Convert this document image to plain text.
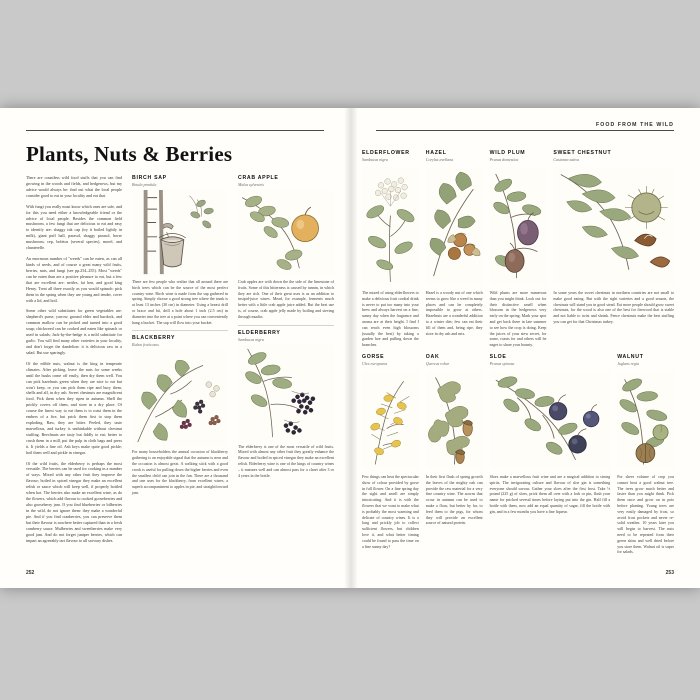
Plants, Nuts & Berries

There are countless wild food stuffs that you can find growing in the woods and fields, and hedgerows, but my advice would always be: find out what the local people consider good to eat in your locality and eat that.

With fungi you really must know which ones are safe, and for this you need either a knowledgeable friend or the advice of local people. Besides the common field mushroom, a few fungi that are delicious to eat and easy to identify are: shaggy ink cap (try it boiled lightly in milk), giant puff ball, parasol, shaggy parasol, horse mushroom, cep, boletus (several species), morel, and chanterelle.

An enormous number of "weeds" can be eaten, as can all kinds of seeds, and of course a great many wild fruits, berries, nuts, and fungi (see pp.254–255). Most "weeds" can be eaten than are a positive pleasure to eat, but a few that are excellent are: nettles, fat hen, and good king Henry. Treat all three exactly as you would spinach: pick them in the spring when they are young and tender, cover with a lid, and boil.

Some other wild substitutes for green vegetables are: shepherd's purse, yarrow, ground elder and burdock, and common mallow can be picked and turned into a good soup; chickweed can be cooked and eaten like spinach or used in salads; Jack-by-the-hedge is a mild substitute for garlic. You will find many other varieties in your locality, and don't forget the dandelion: it is delicious raw in a salad. But use sparingly.

Of the edible nuts, walnut is the king in temperate climates. After picking, leave the nuts for some weeks until the husks come off easily, then dry them well. You can pick hazelnuts green when they are nice to eat but won't keep, or you can pick them ripe and bury them, shells and all, in dry ash. Sweet chestnuts are magnificent food. Pick them when they ripen in autumn. Shell the prickly covers off them, and store in a dry place. Of course the finest way to eat them is to roast them in the embers of a fire, but prick them first to stop them exploding. Raw, they are bitter. Peeled, they taste marvellous, and turkey is unthinkable without chestnut stuffing. Beechnuts are tasty but fiddly to eat; better to crush them in a mill, put the pulp in cloth bags and press it. It yields a fine oil. Ash keys make quite good pickle; boil them well and pickle in vinegar.

Of the wild fruits, the elderberry is perhaps the most versatile. The berries can be used for cooking in a number of ways. Mixed with any other fruit they improve the flavour; boiled in spiced vinegar they make an excellent relish or sauce which will keep well, if properly bottled when hot. The berries also make an excellent wine, as do the flowers, which add flavour to cooked gooseberries and also gooseberry jam. If you find blueberries or bilberries in the wild, do not ignore them: they make a wonderful pie. And if you find cranberries, you can preserve them but their flavour is nowhere better captured than in a fresh cranberry sauce. Mulberries and sweetberries make very good jam. And do not forget juniper berries, which can impart an agreeably tart flavour to all savoury dishes.

BIRCH SAP
Betula pendula
There are few people who realise that all around there are birch trees which can be the source of the most perfect country wine. Birch wine is made from the sap gathered in spring. Simply choose a good strong tree where the trunk is at least 13 inches (30 cm) in diameter. Using a breast drill or brace and bit, drill a hole about 1 inch (2.5 cm) in diameter into the tree at a point where you can conveniently hang a bucket. The sap will flow into your bucket.
BLACKBERRY
Rubus fruticosus
For many householders the annual occasion of blackberry gathering is an enjoyable signal that the autumn is near and the occasion is almost great. A walking stick with a good crook is useful for pulling down the higher berries and even the smallest child can join in the fun. There are a thousand and one uses for the blackberry, from excellent wines, a superb accompaniment to apples in pie, and straightforward jam.
CRAB APPLE
Malus sylvestris
Crab apples are with down the the side of the limestone of fruits. Some of this bitterness is caused by tannin, in which they are rich. One of their great uses is as an addition to insipid-juice wines. Mead, for example, ferments much better with a little crab apple juice added. But the best use is, of course, crab apple jelly made by boiling and sieving through muslin.
ELDERBERRY
Sambucus nigra
The elderberry is one of the most versatile of wild fruits. Mixed with almost any other fruit they greatly enhance the flavour and boiled in spiced vinegar they make an excellent relish. Elderberry wine is one of the kings of country wines – it matures well and can almost pass for a claret after 3 or 4 years in the bottle.
252
FOOD FROM THE WILD
ELDERFLOWER
Sambucus nigra
The mixed of using elderflowers to make a delicious fruit cordial drink is never to put too many into your brew and always harvest on a fine, sunny day when the fragrance and aroma are at their height. I find I can reach even high blossoms (usually the best) by taking a garden hoe and pulling down the branches.
HAZEL
Corylus avellana
Hazel is a woody nut of one which seems to grow like a weed in many places and can be completely impossible to grow at others. Hazelnuts are a wonderful addition to a winter diet; few can eat their fill of them and, being ripe, they store in dry ash and mix.
WILD PLUM
Prunus domestica
Wild plums are more numerous than you might think. Look out for their distinctive smell when blossom in the hedgerows very early on the spring. Mark your spot and get back there in late summer to see how the crop is doing. Keep the juices of your stew secret, for some, roasts for and others will be eager to share your bounty.
SWEET CHESTNUT
Castanea sativa
In some years the sweet chestnuts in northern countries are not small to make good eating. But with the right varieties and a good season, the chestnuts will stand you in good stead. Eat more people should grow sweet chestnuts, for the wood is also one of the best for firewood that is stable and not liable to twist and shrink. Fence chestnuts make the best stuffing you can get for that Christmas turkey.
GORSE
Ulex europaeus
Few things can beat the spectacular show of colour provided by gorse in full flower. On a fine spring day the sight and smell are simply intoxicating. And it is with the flowers that we want to make what is probably the most warming and delicate of country wines. It is a long and prickly job to collect sufficient flowers, but children love it, and what better timing could be found to pass the time on a fine sunny day?
OAK
Quercus robur
In their first flush of spring growth the leaves of the mighty oak can provide the raw material for a very fine country wine. The acorns that occur in autumn can be used to make a flour, but better by far, to feed them to the pigs, for whom they will provide an excellent source of natural protein.
SLOE
Prunus spinosa
Sloes make a marvellous fruit wine and are a magical addition to strong spirits. The invigorating culture and flavour of sloe gin is something everyone should savour. Gather your sloes after the first frost. Take ½ pound (225 g) of sloes, prick them all over with a fork or pin, flash your name for pricked several times before laying put into the gin. Half fill a bottle with them, now add an equal quantity of sugar, fill the bottle with gin, and in a few months you have a fine liqueur.
WALNUT
Juglans regia
For sheer volume of crop you cannot beat a good walnut tree. The trees grow much better and faster than you might think. Pick them once and grow on in pots before planting. Young trees are very easily damaged by frost, so avoid frost pockets and never re-solid weather. 10 years later you will begin to harvest. The nuts need to be repeated from their green skins and well dried before you store them. Walnut oil is super for salads.
253
